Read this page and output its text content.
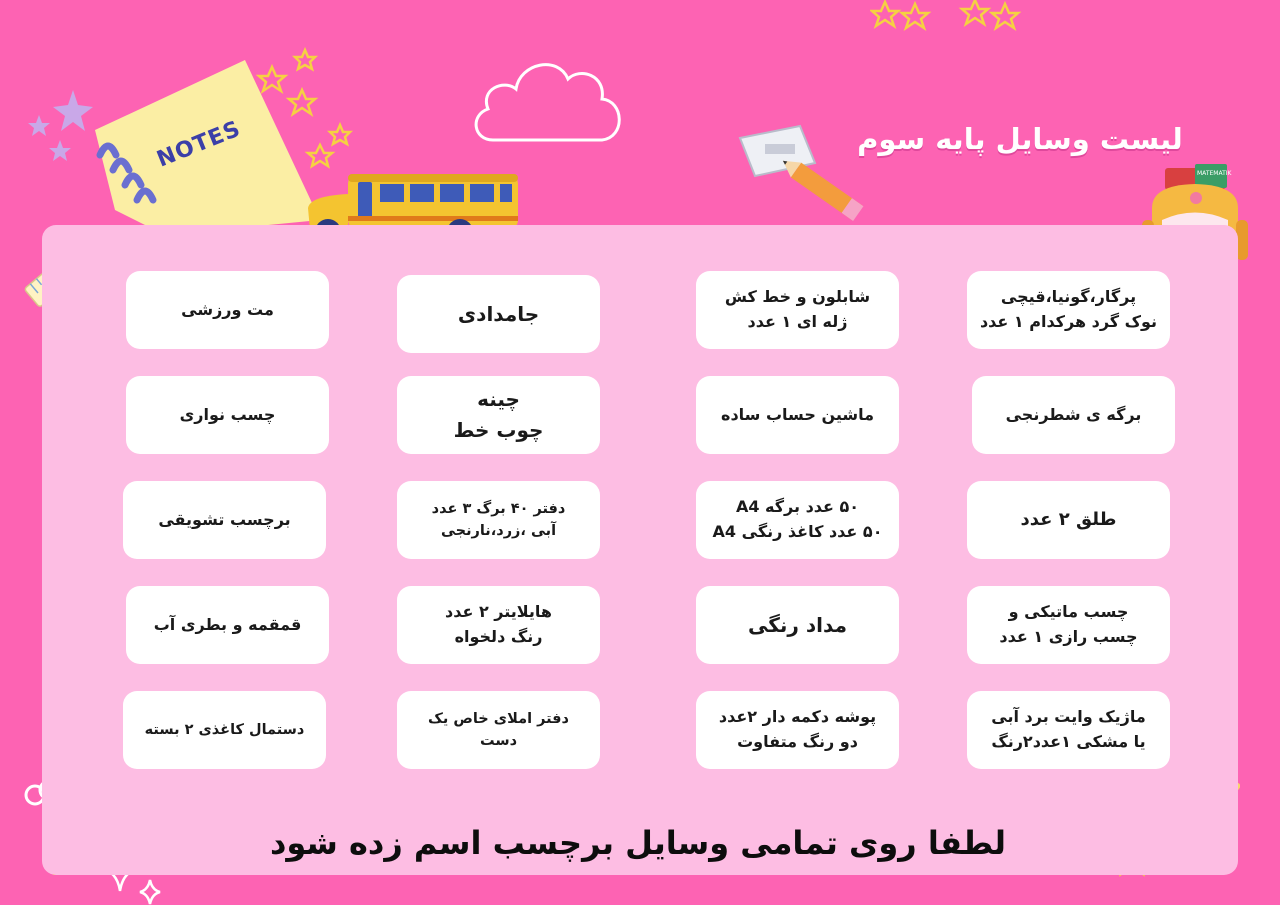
NOTES
MATEMATIK
لیست وسایل پایه سوم
پرگار،گونیا،قیچی
نوک گرد هرکدام ۱ عدد
شابلون و خط کش
ژله ای ۱ عدد
جامدادی
مت ورزشی
برگه ی شطرنجی
ماشین حساب ساده
چینه
چوب خط
چسب نواری
طلق ۲ عدد
۵۰ عدد برگه A4
۵۰ عدد کاغذ رنگی A4
دفتر ۴۰ برگ ۳ عدد
آبی ،زرد،نارنجی
برچسب تشویقی
چسب ماتیکی و
چسب رازی ۱ عدد
مداد رنگی
هایلایتر ۲ عدد
رنگ دلخواه
قمقمه و بطری آب
ماژیک وایت برد آبی
یا مشکی ۱عدد۲رنگ
پوشه دکمه دار ۲عدد
دو رنگ متفاوت
دفتر املای خاص یک دست
دستمال کاغذی ۲ بسته
لطفا روی تمامی وسایل برچسب اسم زده شود
